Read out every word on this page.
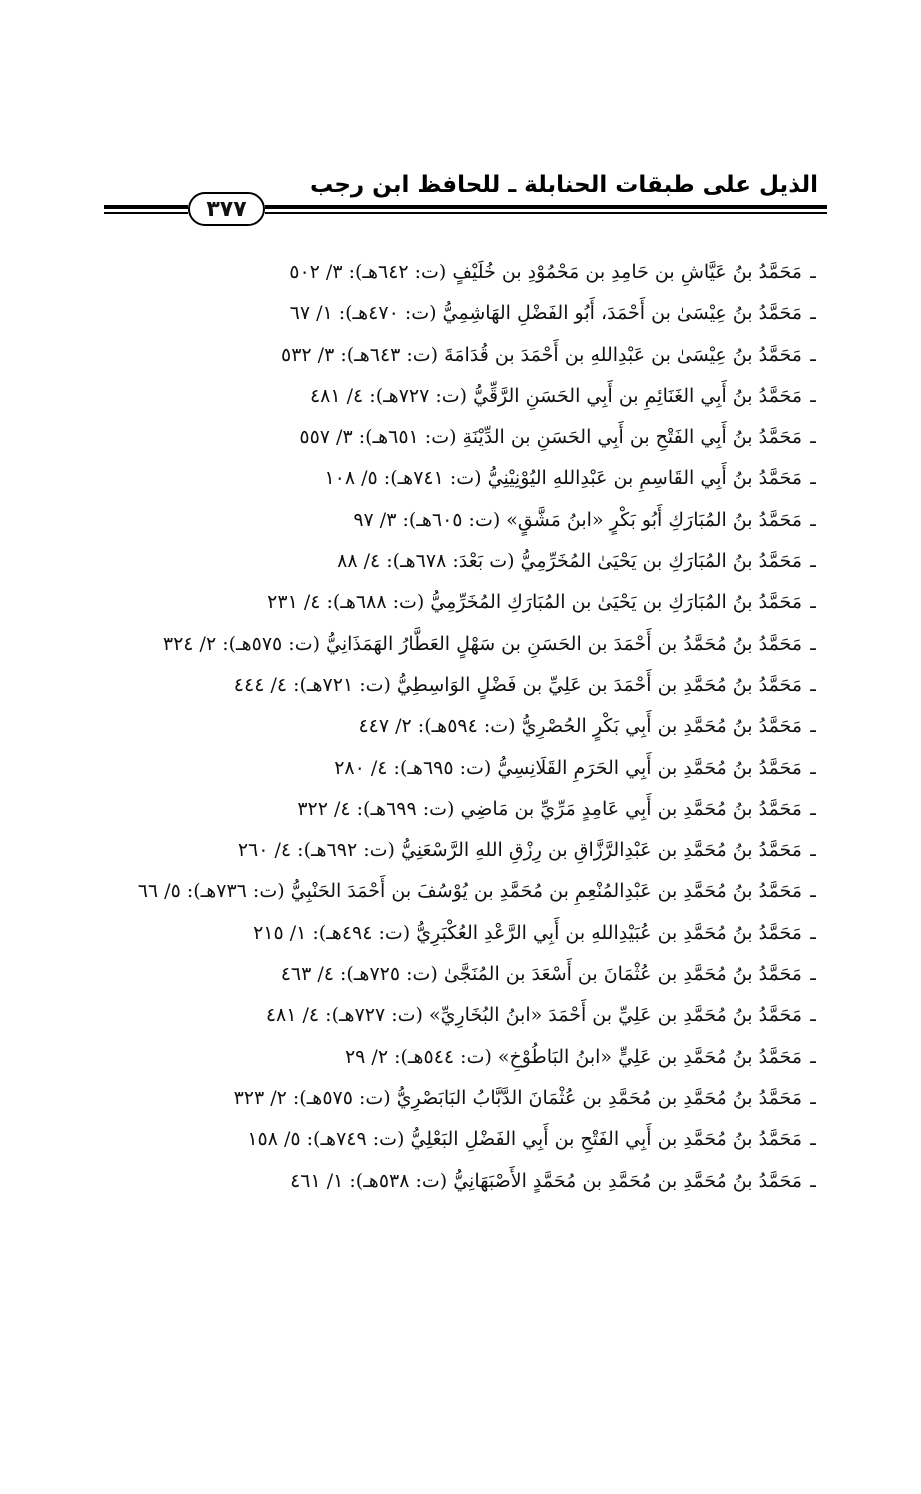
الذيل على طبقات الحنابلة ـ للحافظ ابن رجب
٣٧٧
ـمَحَمَّدُ بنُ عَيَّاشِ بن حَامِدِ بن مَحْمُوْدِ بن خُلَيْفٍ (ت: ٦٤٢هـ): ٣/ ٥٠٢
ـمَحَمَّدُ بنُ عِيْسَىٰ بن أَحْمَدَ، أَبُو الفَضْلِ الهَاشِمِيُّ (ت: ٤٧٠هـ): ١/ ٦٧
ـمَحَمَّدُ بنُ عِيْسَىٰ بن عَبْدِاللهِ بن أَحْمَدَ بن قُدَامَةَ (ت: ٦٤٣هـ): ٣/ ٥٣٢
ـمَحَمَّدُ بنُ أَبِي الغَنَائِمِ بن أَبِي الحَسَنِ الرَّقِّيُّ (ت: ٧٢٧هـ): ٤/ ٤٨١
ـمَحَمَّدُ بنُ أَبِي الفَتْحِ بن أَبِي الحَسَنِ بن الدِّيْنَةِ (ت: ٦٥١هـ): ٣/ ٥٥٧
ـمَحَمَّدُ بنُ أَبِي القَاسِمِ بن عَبْدِاللهِ اليُوْنِيْنِيُّ (ت: ٧٤١هـ): ٥/ ١٠٨
ـمَحَمَّدُ بنُ المُبَارَكِ أَبُو بَكْرٍ «ابنُ مَشَّقٍ» (ت: ٦٠٥هـ): ٣/ ٩٧
ـمَحَمَّدُ بنُ المُبَارَكِ بن يَحْيَىٰ المُخَرِّمِيُّ (ت بَعْدَ: ٦٧٨هـ): ٤/ ٨٨
ـمَحَمَّدُ بنُ المُبَارَكِ بن يَحْيَىٰ بن المُبَارَكِ المُخَرِّمِيُّ (ت: ٦٨٨هـ): ٤/ ٢٣١
ـمَحَمَّدُ بنُ مُحَمَّدُ بن أَحْمَدَ بن الحَسَنِ بن سَهْلٍ العَطَّارُ الهَمَذَانِيُّ (ت: ٥٧٥هـ): ٢/ ٣٢٤
ـمَحَمَّدُ بنُ مُحَمَّدِ بن أَحْمَدَ بن عَلِيِّ بن فَضْلٍ الوَاسِطِيُّ (ت: ٧٢١هـ): ٤/ ٤٤٤
ـمَحَمَّدُ بنُ مُحَمَّدِ بن أَبِي بَكْرٍ الحُصْرِيُّ (ت: ٥٩٤هـ): ٢/ ٤٤٧
ـمَحَمَّدُ بنُ مُحَمَّدِ بن أَبِي الحَرَمِ القَلَانِسِيُّ (ت: ٦٩٥هـ): ٤/ ٢٨٠
ـمَحَمَّدُ بنُ مُحَمَّدِ بن أَبِي عَامِدٍ مَرِّيِّ بن مَاضِي (ت: ٦٩٩هـ): ٤/ ٣٢٢
ـمَحَمَّدُ بنُ مُحَمَّدِ بن عَبْدِالرَّزَّاقِ بن رِزْقِ اللهِ الرَّسْعَنِيُّ (ت: ٦٩٢هـ): ٤/ ٢٦٠
ـمَحَمَّدُ بنُ مُحَمَّدِ بن عَبْدِالمُنْعِمِ بن مُحَمَّدِ بن يُوْسُفَ بن أَحْمَدَ الحَنْبِيُّ (ت: ٧٣٦هـ): ٥/ ٦٦
ـمَحَمَّدُ بنُ مُحَمَّدِ بن عُبَيْدِاللهِ بن أَبِي الرَّعْدِ العُكْبَرِيُّ (ت: ٤٩٤هـ): ١/ ٢١٥
ـمَحَمَّدُ بنُ مُحَمَّدِ بن عُثْمَانَ بن أَسْعَدَ بن المُنَجَّىٰ (ت: ٧٢٥هـ): ٤/ ٤٦٣
ـمَحَمَّدُ بنُ مُحَمَّدِ بن عَلِيِّ بن أَحْمَدَ «ابنُ البُخَارِيِّ» (ت: ٧٢٧هـ): ٤/ ٤٨١
ـمَحَمَّدُ بنُ مُحَمَّدِ بن عَلِيٍّ «ابنُ البَاطُوْخِ» (ت: ٥٤٤هـ): ٢/ ٢٩
ـمَحَمَّدُ بنُ مُحَمَّدِ بن مُحَمَّدِ بن عُثْمَانَ الدَّبَّابُ البَابَصْرِيُّ (ت: ٥٧٥هـ): ٢/ ٣٢٣
ـمَحَمَّدُ بنُ مُحَمَّدِ بن أَبِي الفَتْحِ بن أَبِي الفَضْلِ البَعْلِيُّ (ت: ٧٤٩هـ): ٥/ ١٥٨
ـمَحَمَّدُ بنُ مُحَمَّدِ بن مُحَمَّدِ بن مُحَمَّدٍ الأَصْبَهَانِيُّ (ت: ٥٣٨هـ): ١/ ٤٦١
